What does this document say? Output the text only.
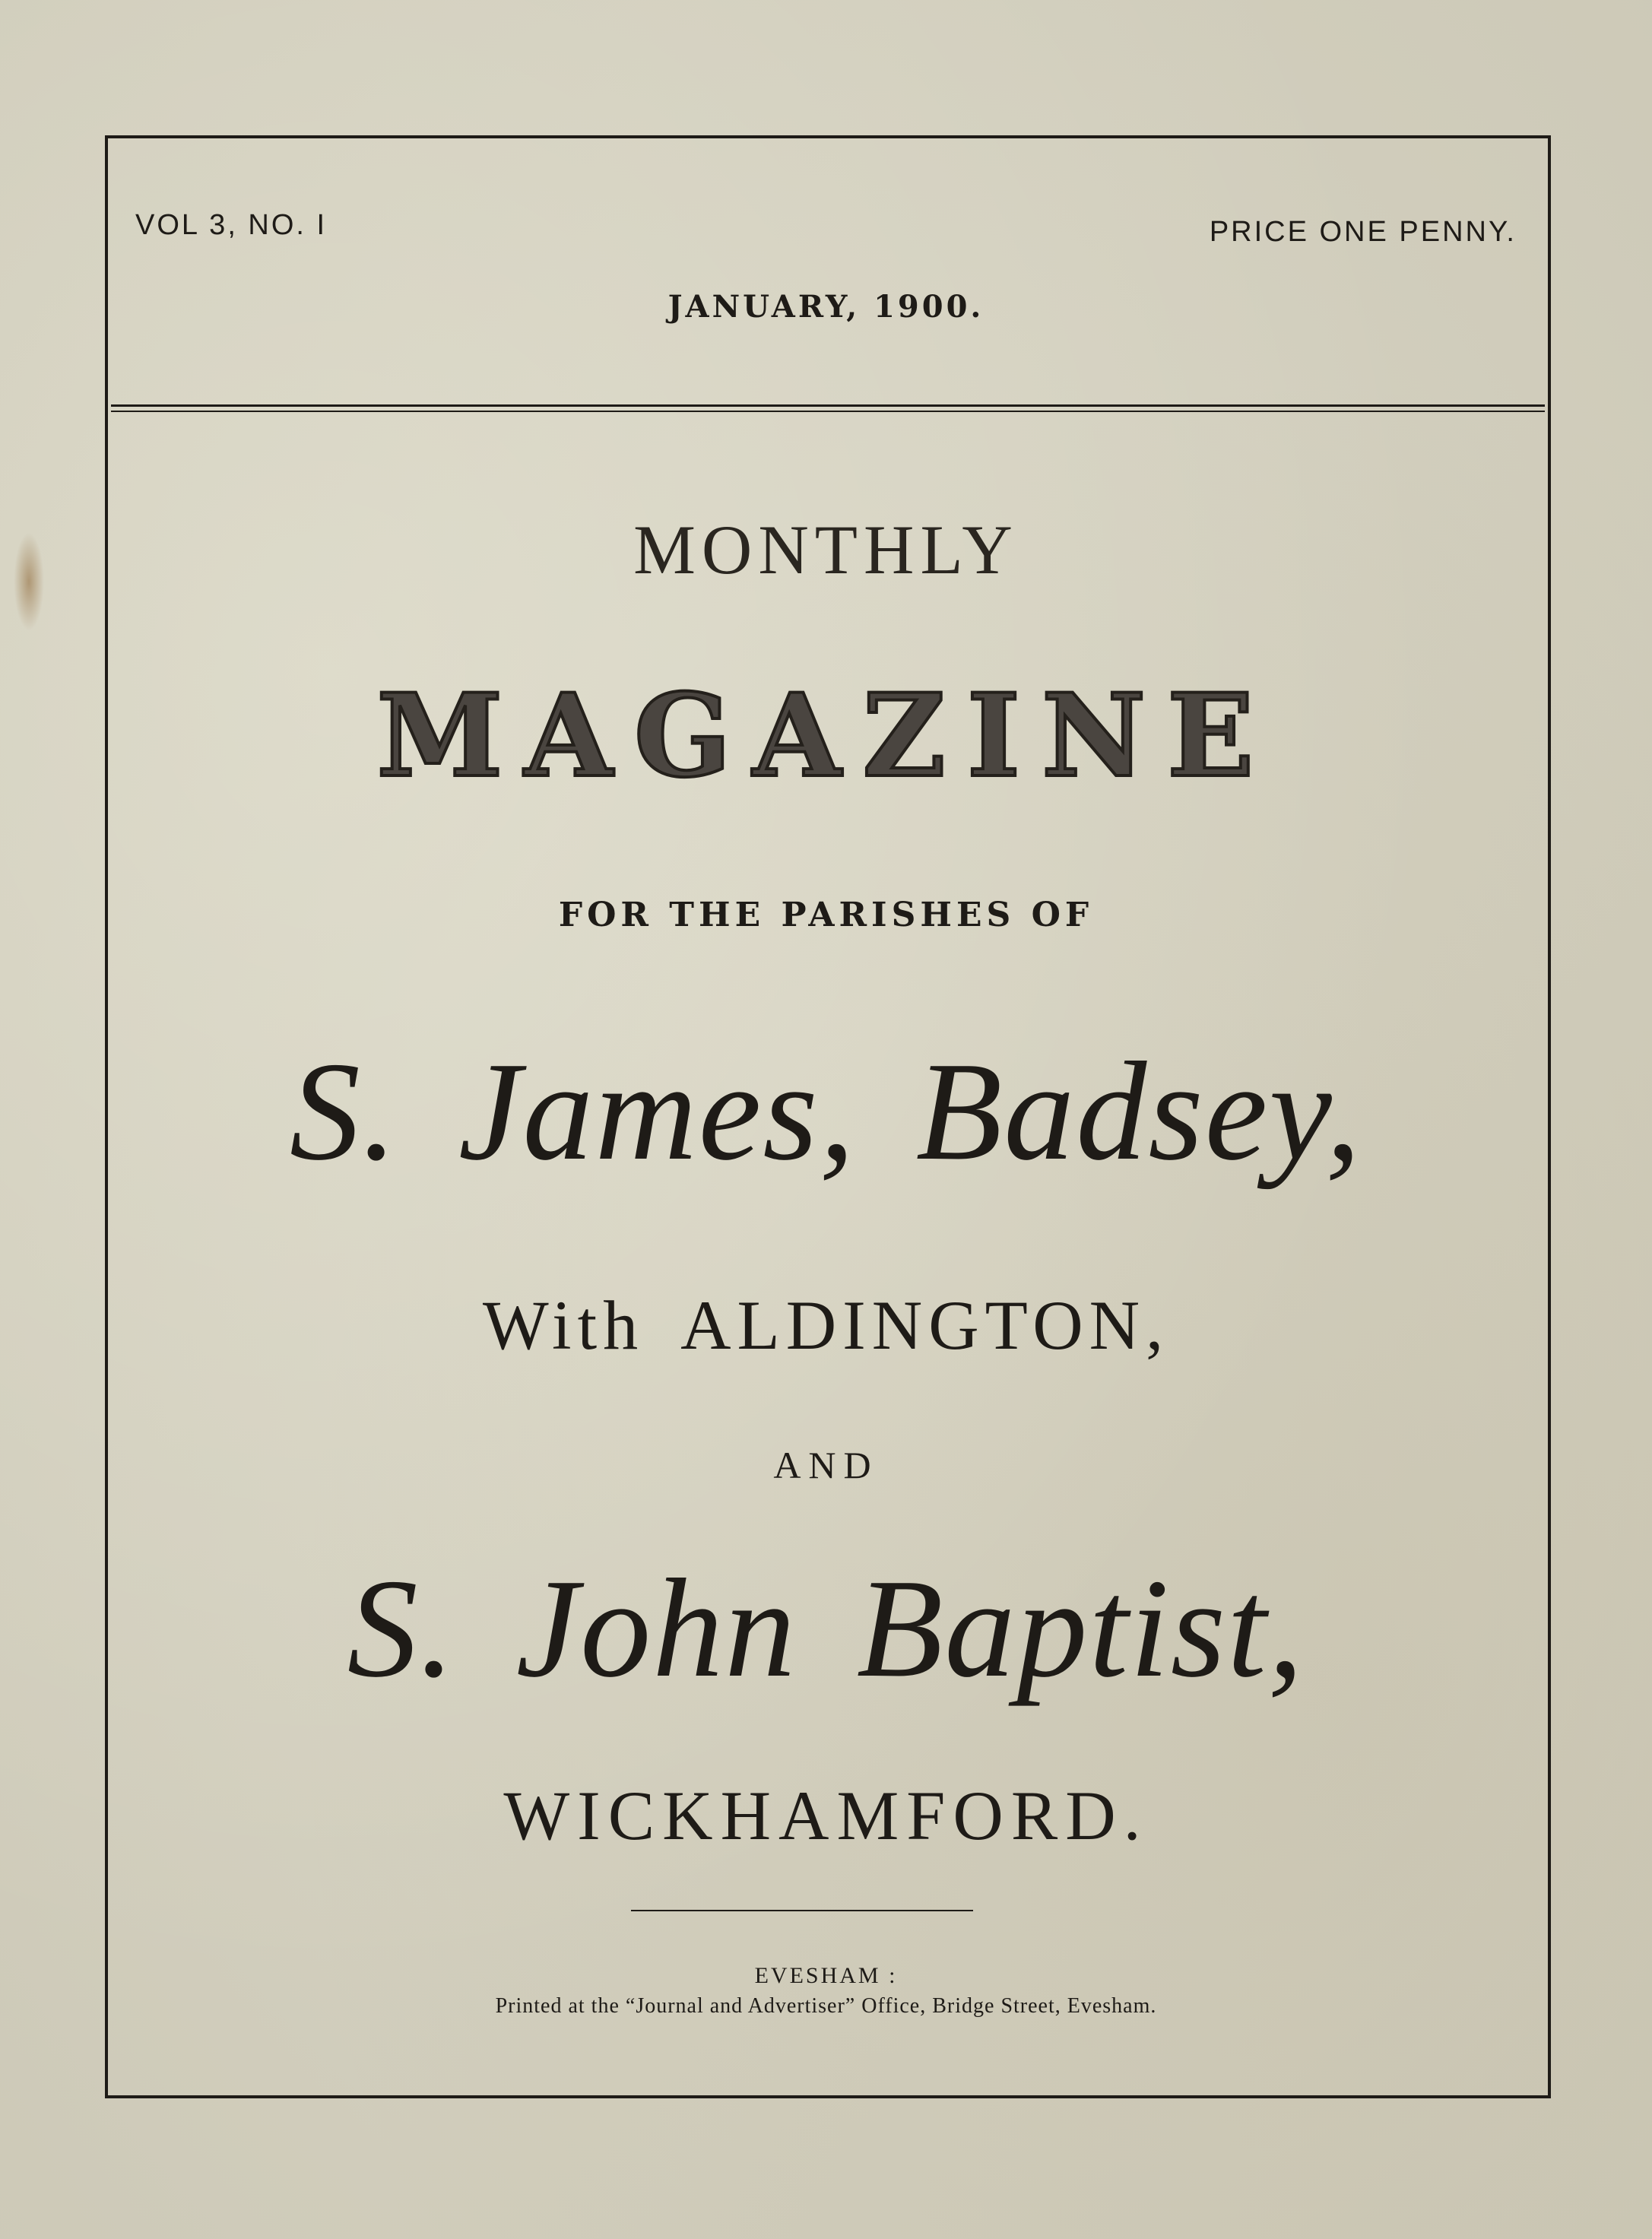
VOL 3, NO. I	PRICE ONE PENNY.
JANUARY, 1900.
MONTHLY
MAGAZINE
FOR THE PARISHES OF
S. James, Badsey,
With ALDINGTON,
AND
S. John Baptist,
WICKHAMFORD.
EVESHAM :
Printed at the “Journal and Advertiser” Office, Bridge Street, Evesham.
